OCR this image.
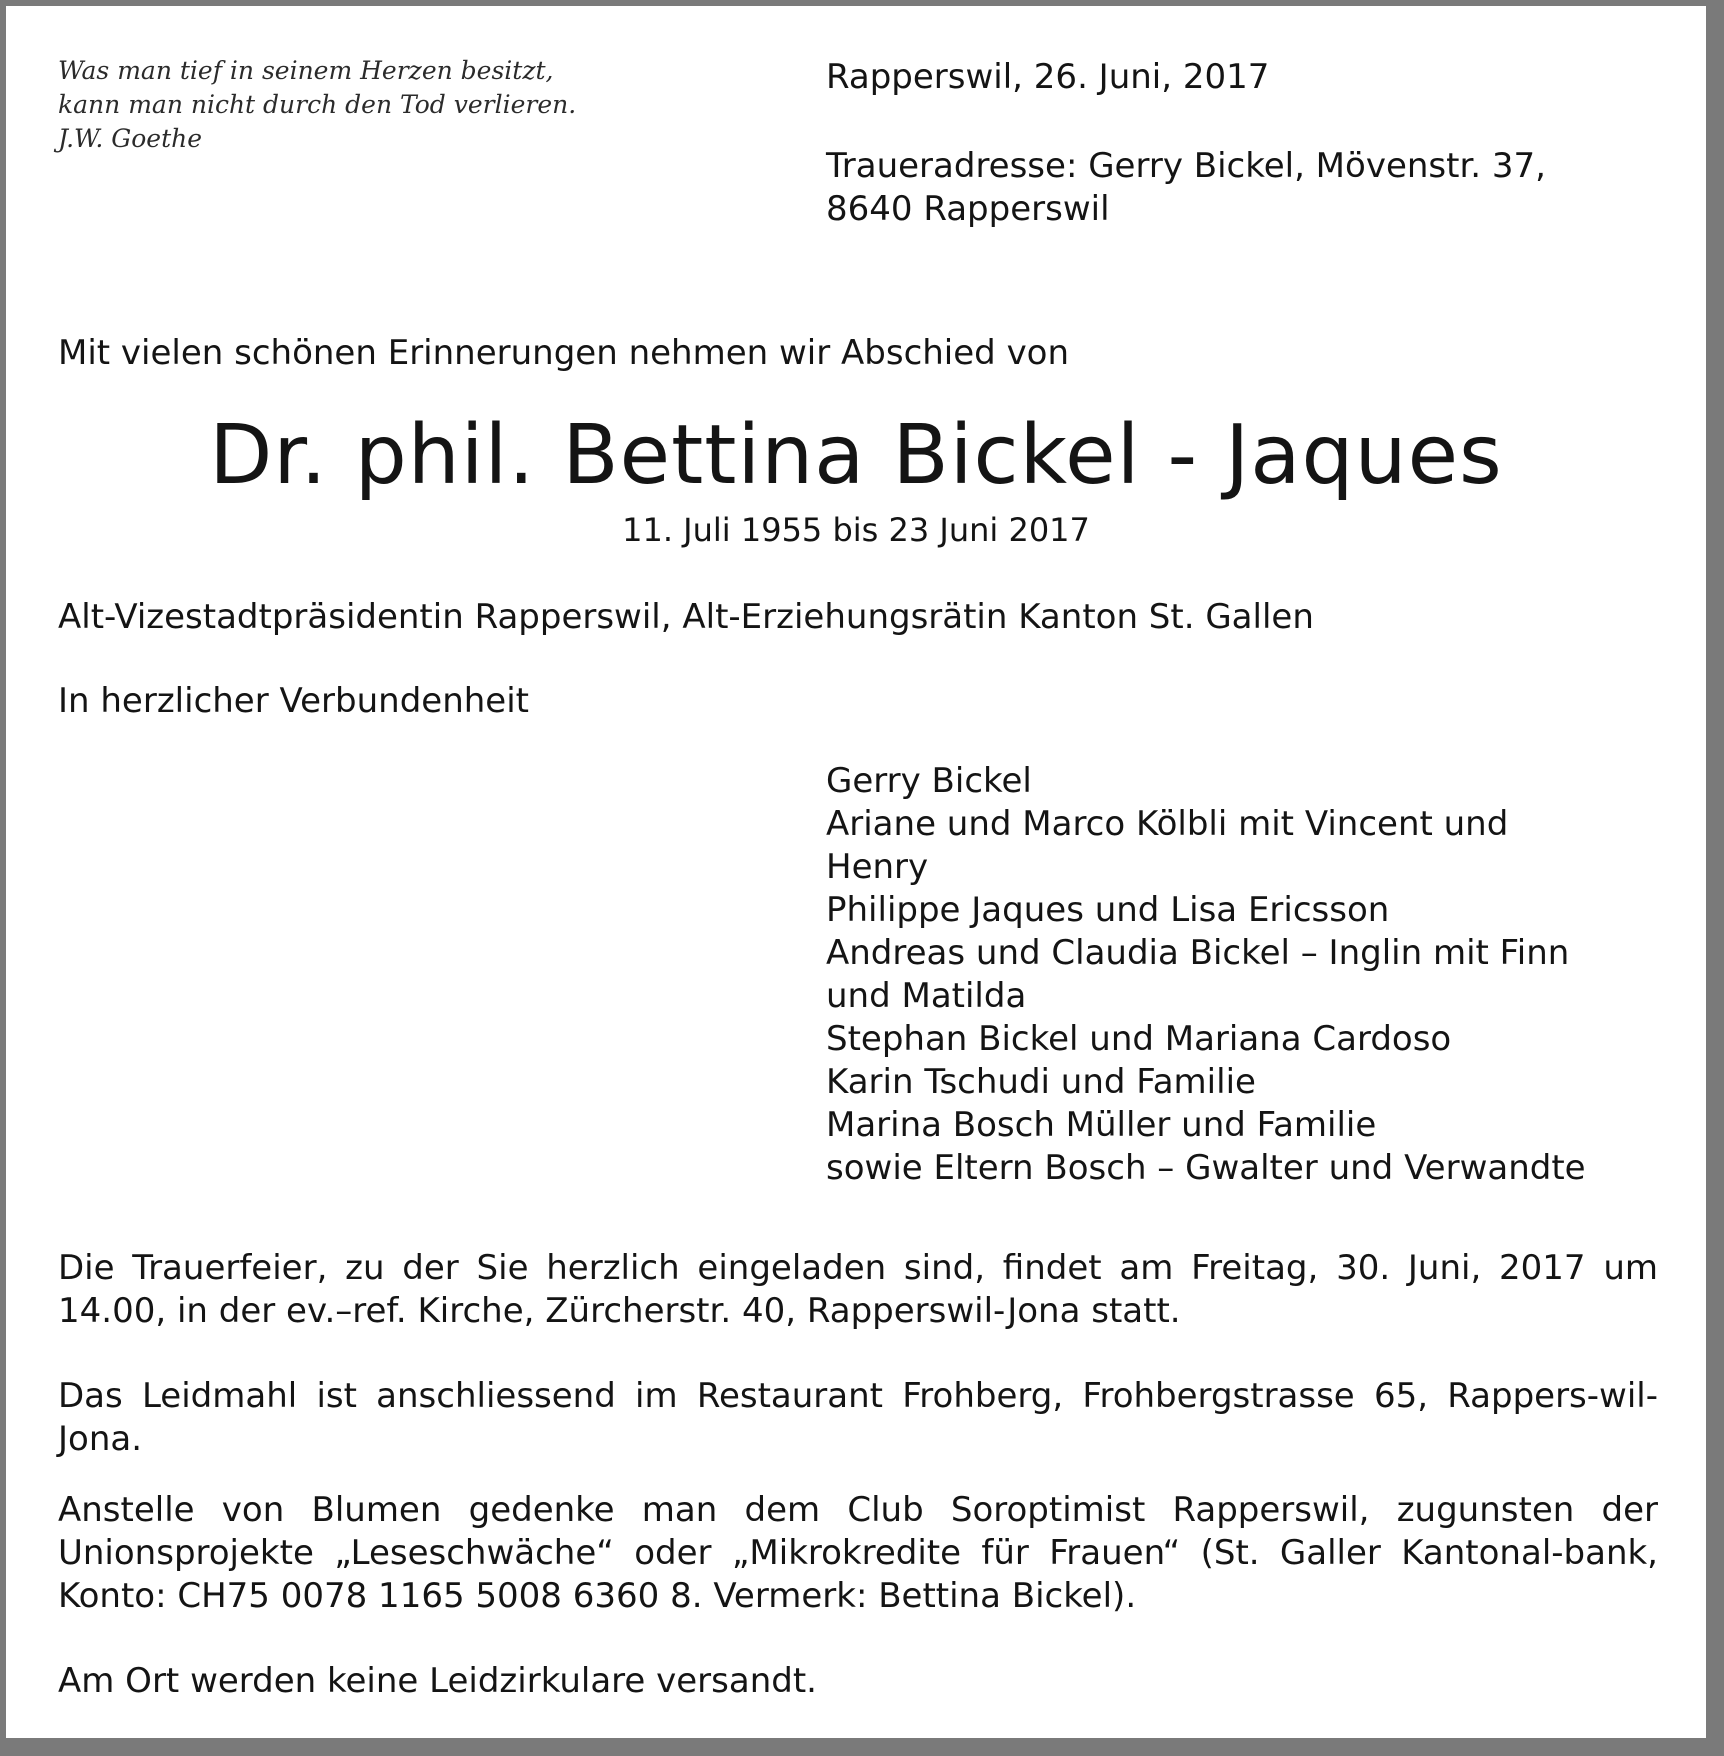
Was man tief in seinem Herzen besitzt,
kann man nicht durch den Tod verlieren.
J.W. Goethe
Rapperswil, 26. Juni, 2017
Traueradresse: Gerry Bickel, Mövenstr. 37,
8640 Rapperswil
Mit vielen schönen Erinnerungen nehmen wir Abschied von
Dr. phil. Bettina Bickel - Jaques
11. Juli 1955 bis 23 Juni 2017
Alt-Vizestadtpräsidentin Rapperswil, Alt-Erziehungsrätin Kanton St. Gallen
In herzlicher Verbundenheit
Gerry Bickel
Ariane und Marco Kölbli mit Vincent und
Henry
Philippe Jaques und Lisa Ericsson
Andreas und Claudia Bickel – Inglin mit Finn
und Matilda
Stephan Bickel und Mariana Cardoso
Karin Tschudi und Familie
Marina Bosch Müller und Familie
sowie Eltern Bosch – Gwalter und Verwandte
Die Trauerfeier, zu der Sie herzlich eingeladen sind, findet am Freitag, 30. Juni, 2017 um 14.00, in der ev.–ref. Kirche, Zürcherstr. 40, Rapperswil-Jona statt.
Das Leidmahl ist anschliessend im Restaurant Frohberg, Frohbergstrasse 65, Rappers-wil-Jona.
Anstelle von Blumen gedenke man dem Club Soroptimist Rapperswil, zugunsten der Unionsprojekte „Leseschwäche“ oder „Mikrokredite für Frauen“ (St. Galler Kantonal-bank, Konto: CH75 0078 1165 5008 6360 8. Vermerk: Bettina Bickel).
Am Ort werden keine Leidzirkulare versandt.
